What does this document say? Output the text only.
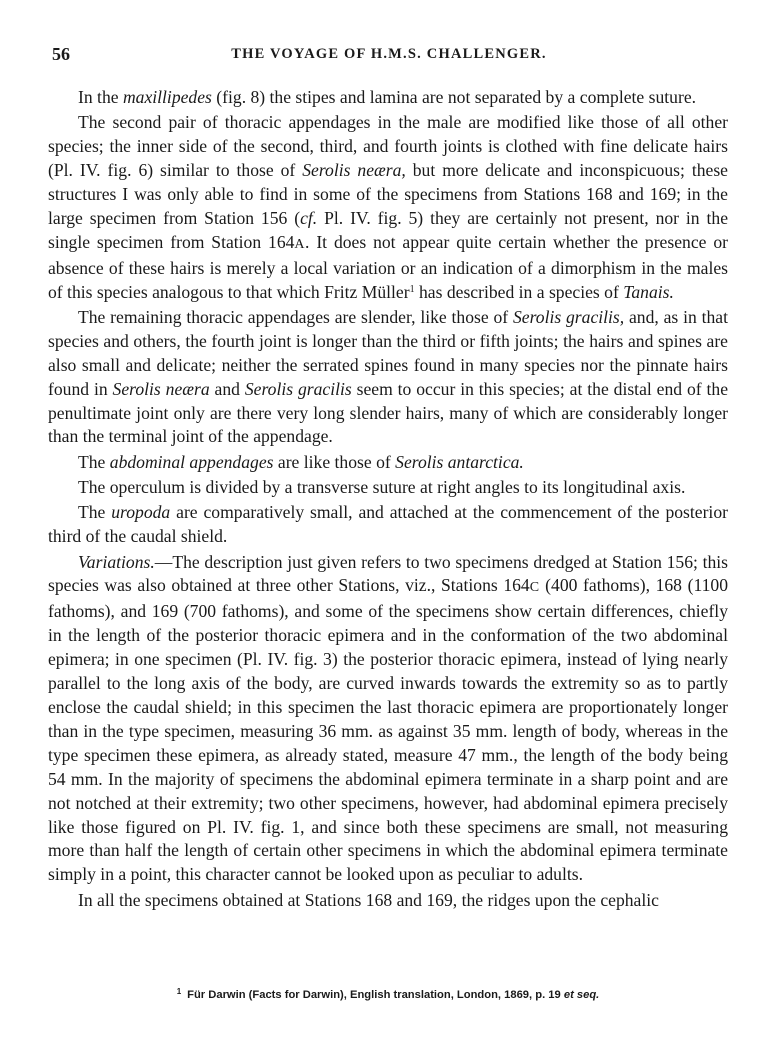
56	THE VOYAGE OF H.M.S. CHALLENGER.

In the maxillipedes (fig. 8) the stipes and lamina are not separated by a complete suture.

The second pair of thoracic appendages in the male are modified like those of all other species; the inner side of the second, third, and fourth joints is clothed with fine delicate hairs (Pl. IV. fig. 6) similar to those of Serolis neæra, but more delicate and inconspicuous; these structures I was only able to find in some of the specimens from Stations 168 and 169; in the large specimen from Station 156 (cf. Pl. IV. fig. 5) they are certainly not present, nor in the single specimen from Station 164A. It does not appear quite certain whether the presence or absence of these hairs is merely a local variation or an indication of a dimorphism in the males of this species analogous to that which Fritz Müller$^1$ has described in a species of Tanais.

The remaining thoracic appendages are slender, like those of Serolis gracilis, and, as in that species and others, the fourth joint is longer than the third or fifth joints; the hairs and spines are also small and delicate; neither the serrated spines found in many species nor the pinnate hairs found in Serolis neæra and Serolis gracilis seem to occur in this species; at the distal end of the penultimate joint only are there very long slender hairs, many of which are considerably longer than the terminal joint of the appendage.

The abdominal appendages are like those of Serolis antarctica.

The operculum is divided by a transverse suture at right angles to its longitudinal axis.

The uropoda are comparatively small, and attached at the commencement of the posterior third of the caudal shield.

Variations.—The description just given refers to two specimens dredged at Station 156; this species was also obtained at three other Stations, viz., Stations 164C (400 fathoms), 168 (1100 fathoms), and 169 (700 fathoms), and some of the specimens show certain differences, chiefly in the length of the posterior thoracic epimera and in the conformation of the two abdominal epimera; in one specimen (Pl. IV. fig. 3) the posterior thoracic epimera, instead of lying nearly parallel to the long axis of the body, are curved inwards towards the extremity so as to partly enclose the caudal shield; in this specimen the last thoracic epimera are proportionately longer than in the type specimen, measuring 36 mm. as against 35 mm. length of body, whereas in the type specimen these epimera, as already stated, measure 47 mm., the length of the body being 54 mm. In the majority of specimens the abdominal epimera terminate in a sharp point and are not notched at their extremity; two other specimens, however, had abdominal epimera precisely like those figured on Pl. IV. fig. 1, and since both these specimens are small, not measuring more than half the length of certain other specimens in which the abdominal epimera terminate simply in a point, this character cannot be looked upon as peculiar to adults.

In all the specimens obtained at Stations 168 and 169, the ridges upon the cephalic

$^1$ Für Darwin (Facts for Darwin), English translation, London, 1869, p. 19 et seq.
